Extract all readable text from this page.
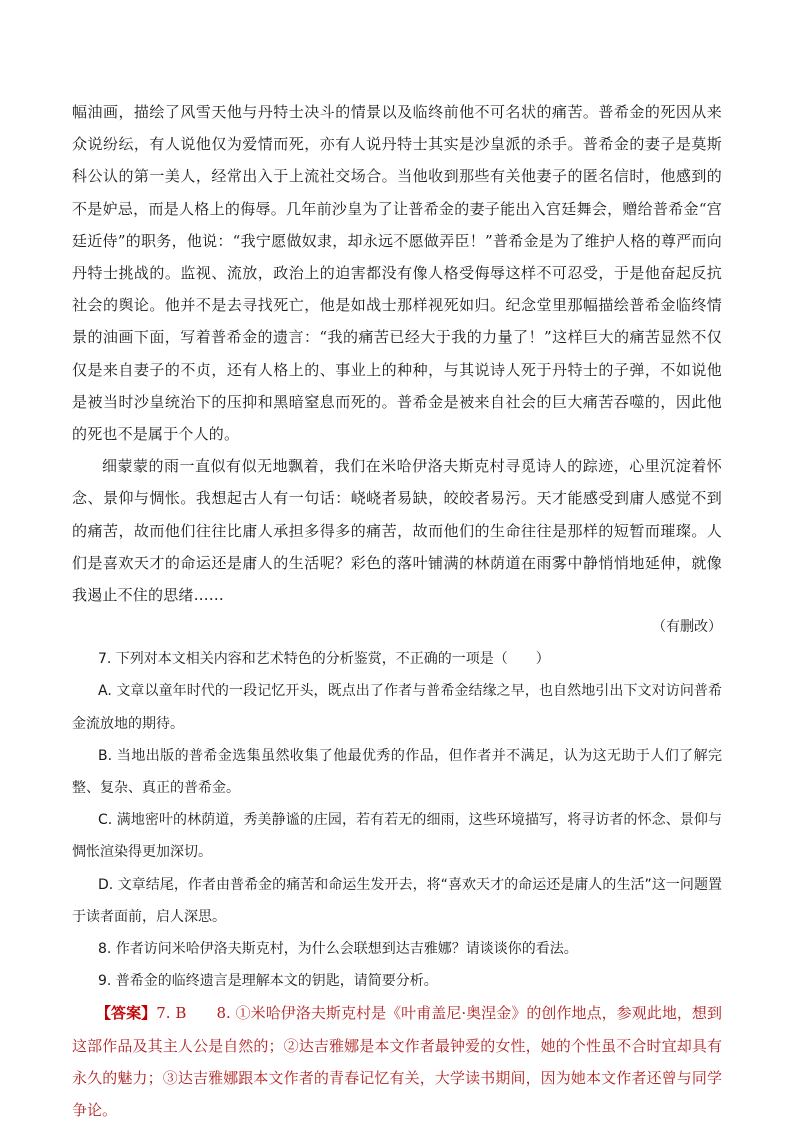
幅油画，描绘了风雪天他与丹特士决斗的情景以及临终前他不可名状的痛苦。普希金的死因从来众说纷纭，有人说他仅为爱情而死，亦有人说丹特士其实是沙皇派的杀手。普希金的妻子是莫斯科公认的第一美人，经常出入于上流社交场合。当他收到那些有关他妻子的匿名信时，他感到的不是妒忌，而是人格上的侮辱。几年前沙皇为了让普希金的妻子能出入宫廷舞会，赠给普希金“宫廷近侍”的职务，他说：“我宁愿做奴隶，却永远不愿做弄臣！”普希金是为了维护人格的尊严而向丹特士挑战的。监视、流放，政治上的迫害都没有像人格受侮辱这样不可忍受，于是他奋起反抗社会的舆论。他并不是去寻找死亡，他是如战士那样视死如归。纪念堂里那幅描绘普希金临终情景的油画下面，写着普希金的遗言：“我的痛苦已经大于我的力量了！”这样巨大的痛苦显然不仅仅是来自妻子的不贞，还有人格上的、事业上的种种，与其说诗人死于丹特士的子弹，不如说他是被当时沙皇统治下的压抑和黑暗窒息而死的。普希金是被来自社会的巨大痛苦吞噬的，因此他的死也不是属于个人的。

细蒙蒙的雨一直似有似无地飘着，我们在米哈伊洛夫斯克村寻觅诗人的踪迹，心里沉淀着怀念、景仰与惆怅。我想起古人有一句话：峣峣者易缺，皎皎者易污。天才能感受到庸人感觉不到的痛苦，故而他们往往比庸人承担多得多的痛苦，故而他们的生命往往是那样的短暂而璀璨。人们是喜欢天才的命运还是庸人的生活呢？彩色的落叶铺满的林荫道在雨雾中静悄悄地延伸，就像我遏止不住的思绪……

（有删改）

7. 下列对本文相关内容和艺术特色的分析鉴赏，不正确的一项是（　　）

A. 文章以童年时代的一段记忆开头，既点出了作者与普希金结缘之早，也自然地引出下文对访问普希金流放地的期待。

B. 当地出版的普希金选集虽然收集了他最优秀的作品，但作者并不满足，认为这无助于人们了解完整、复杂、真正的普希金。

C. 满地密叶的林荫道，秀美静谧的庄园，若有若无的细雨，这些环境描写，将寻访者的怀念、景仰与惆怅渲染得更加深切。

D. 文章结尾，作者由普希金的痛苦和命运生发开去，将“喜欢天才的命运还是庸人的生活”这一问题置于读者面前，启人深思。

8. 作者访问米哈伊洛夫斯克村，为什么会联想到达吉雅娜？请谈谈你的看法。

9. 普希金的临终遗言是理解本文的钥匙，请简要分析。

【答案】7. B　　8. ①米哈伊洛夫斯克村是《叶甫盖尼·奥涅金》的创作地点，参观此地，想到这部作品及其主人公是自然的；②达吉雅娜是本文作者最钟爱的女性，她的个性虽不合时宜却具有永久的魅力；③达吉雅娜跟本文作者的青春记忆有关，大学读书期间，因为她本文作者还曾与同学争论。
